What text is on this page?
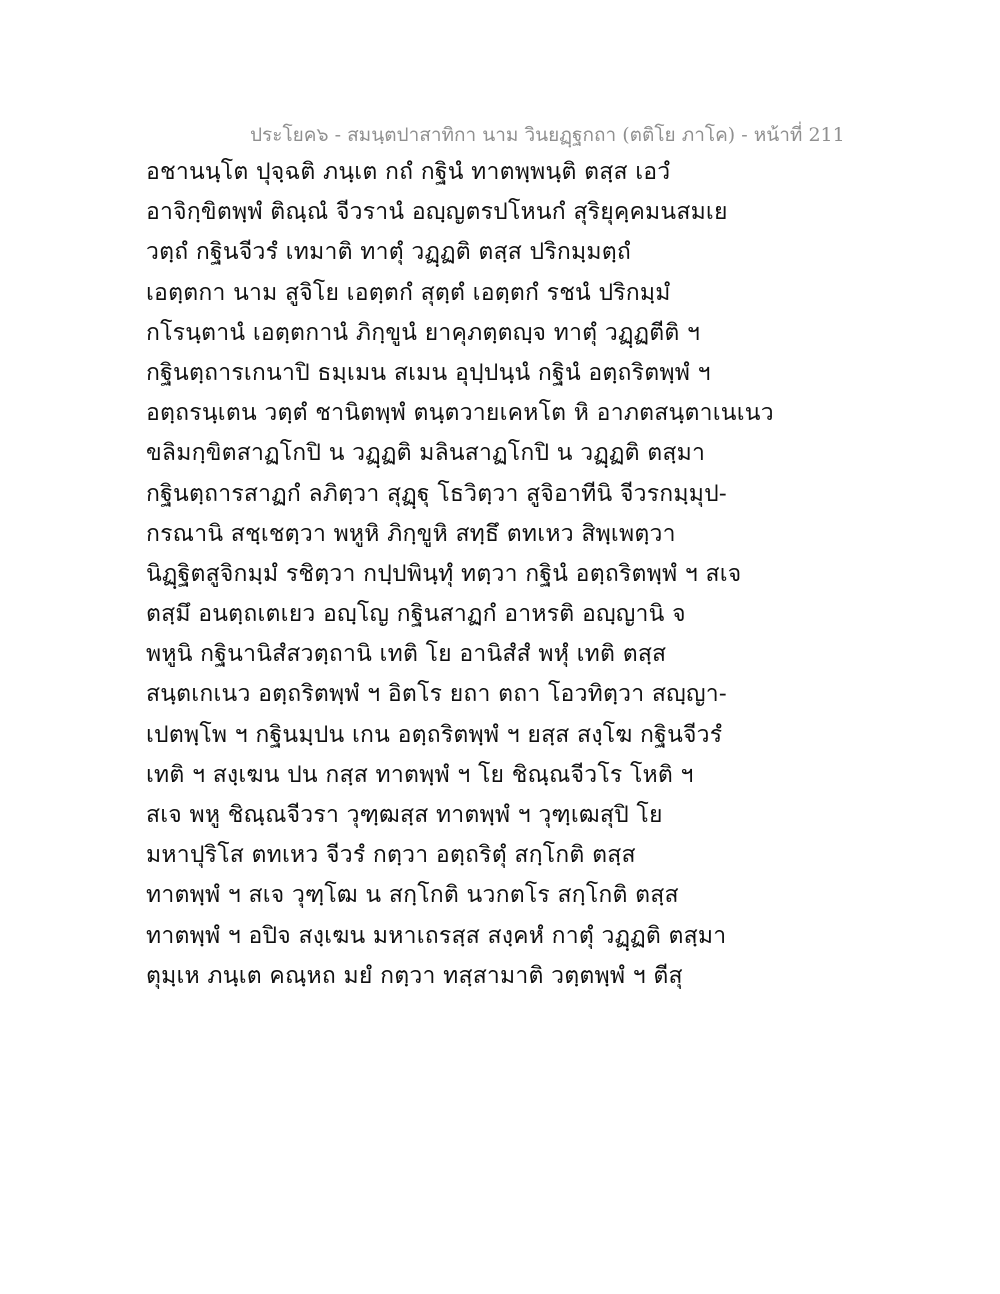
ประโยค๖ - สมนฺตปาสาทิกา นาม วินยฏฺฐกถา (ตติโย ภาโค) - หน้าที่ 211
อชานนฺโต ปุจฺฉติ ภนฺเต กถํ กฐินํ ทาตพฺพนฺติ ตสฺส เอวํ
อาจิกฺขิตพฺพํ ติณฺณํ จีวรานํ อญฺญตรปโหนกํ สุริยุคฺคมนสมเย
วตฺถํ กฐินจีวรํ เทมาติ ทาตุํ วฏฺฏติ ตสฺส ปริกมฺมตฺถํ
เอตฺตกา นาม สูจิโย เอตฺตกํ สุตฺตํ เอตฺตกํ รชนํ ปริกมฺมํ
กโรนฺตานํ เอตฺตกานํ ภิกฺขูนํ ยาคุภตฺตญฺจ ทาตุํ วฏฺฏตีติ ฯ
กฐินตฺถารเกนาปิ ธมฺเมน สเมน อุปฺปนฺนํ กฐินํ อตฺถริตพฺพํ ฯ
อตฺถรนฺเตน วตฺตํ ชานิตพฺพํ ตนฺตวายเคหโต หิ อาภตสนฺตาเนเนว
ขลิมกฺขิตสาฏโกปิ น วฏฺฏติ มลินสาฏโกปิ น วฏฺฏติ ตสฺมา
กฐินตฺถารสาฏกํ ลภิตฺวา สุฏฺฐุ โธวิตฺวา สูจิอาทีนิ จีวรกมฺมุป-
กรณานิ สชฺเชตฺวา พหูหิ ภิกฺขูหิ สทฺธึ ตทเหว สิพฺเพตฺวา
นิฏฺฐิตสูจิกมฺมํ รชิตฺวา กปฺปพินฺทุํ ทตฺวา กฐินํ อตฺถริตพฺพํ ฯ สเจ
ตสฺมึ อนตฺถเตเยว อญฺโญ กฐินสาฏกํ อาหรติ อญฺญานิ จ
พหูนิ กฐินานิสํสวตฺถานิ เทติ โย อานิสํสํ พหุํ เทติ ตสฺส
สนฺตเกเนว อตฺถริตพฺพํ ฯ อิตโร ยถา ตถา โอวทิตฺวา สญฺญา-
เปตพฺโพ ฯ กฐินมฺปน เกน อตฺถริตพฺพํ ฯ ยสฺส สงฺโฆ กฐินจีวรํ
เทติ ฯ สงฺเฆน ปน กสฺส ทาตพฺพํ ฯ โย ชิณฺณจีวโร โหติ ฯ
สเจ พหู ชิณฺณจีวรา วุฑฺฒสฺส ทาตพฺพํ ฯ วุฑฺเฒสุปิ โย
มหาปุริโส ตทเหว จีวรํ กตฺวา อตฺถริตุํ สกฺโกติ ตสฺส
ทาตพฺพํ ฯ สเจ วุฑฺโฒ น สกฺโกติ นวกตโร สกฺโกติ ตสฺส
ทาตพฺพํ ฯ อปิจ สงฺเฆน มหาเถรสฺส สงฺคหํ กาตุํ วฏฺฏติ ตสฺมา
ตุมฺเห ภนฺเต คณฺหถ มยํ กตฺวา ทสฺสามาติ วตฺตพฺพํ ฯ ตีสุ
